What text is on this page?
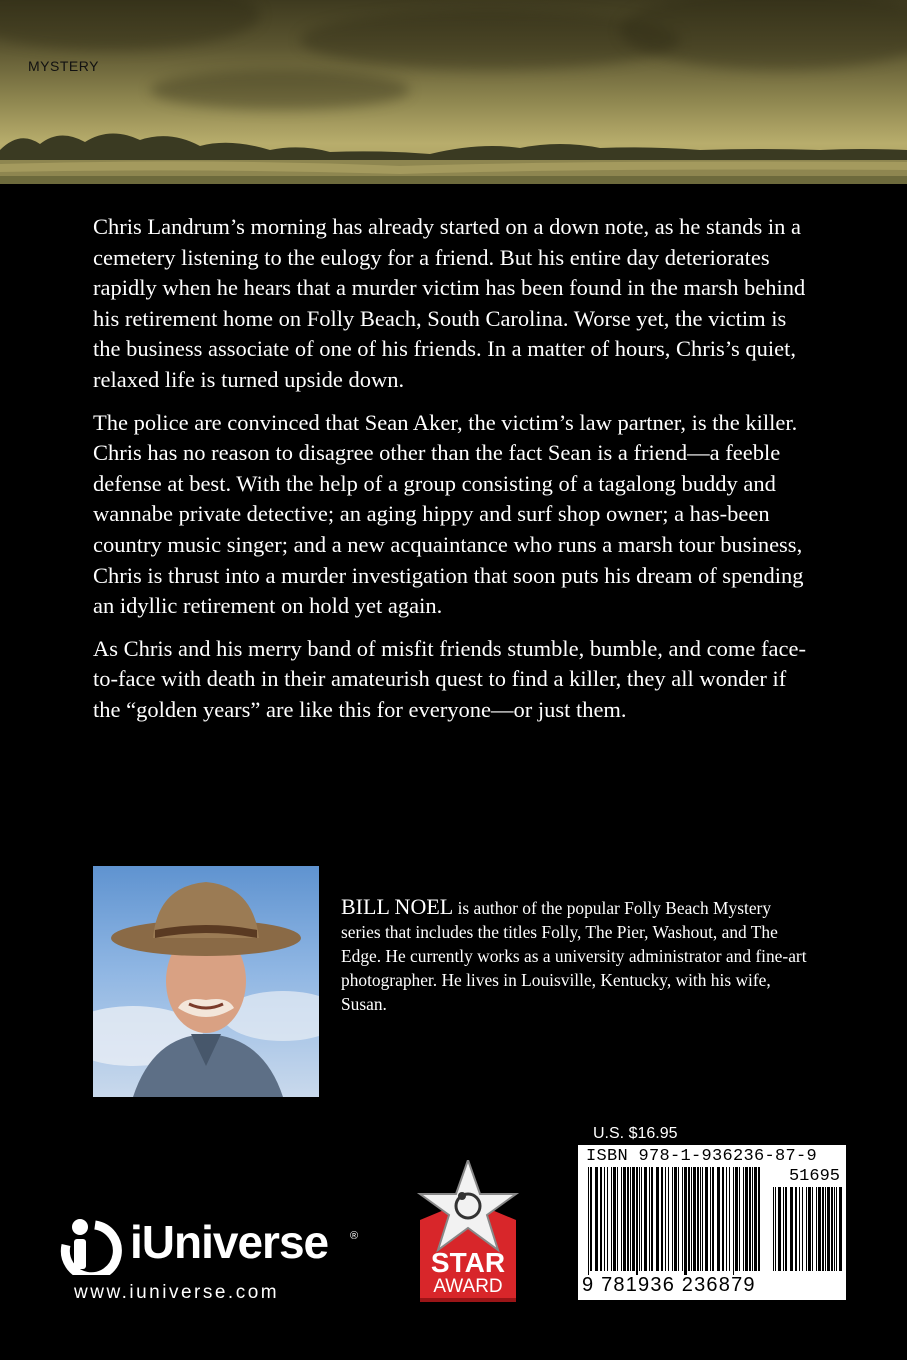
MYSTERY

Chris Landrum’s morning has already started on a down note, as he stands in a cemetery listening to the eulogy for a friend. But his entire day deteriorates rapidly when he hears that a murder victim has been found in the marsh behind his retirement home on Folly Beach, South Carolina. Worse yet, the victim is the business associate of one of his friends. In a matter of hours, Chris’s quiet, relaxed life is turned upside down.

The police are convinced that Sean Aker, the victim’s law partner, is the killer. Chris has no reason to disagree other than the fact Sean is a friend—a feeble defense at best. With the help of a group consisting of a tagalong buddy and wannabe private detective; an aging hippy and surf shop owner; a has-been country music singer; and a new acquaintance who runs a marsh tour business, Chris is thrust into a murder investigation that soon puts his dream of spending an idyllic retirement on hold yet again.

As Chris and his merry band of misfit friends stumble, bumble, and come face-to-face with death in their amateurish quest to find a killer, they all wonder if the “golden years” are like this for everyone—or just them.

BILL NOEL is author of the popular Folly Beach Mystery series that includes the titles Folly, The Pier, Washout, and The Edge. He currently works as a university administrator and fine-art photographer. He lives in Louisville, Kentucky, with his wife, Susan.
iUniverse ®
www.iuniverse.com
STAR
AWARD
U.S. $16.95
ISBN 978-1-936236-87-9
51695
9 781936 236879
